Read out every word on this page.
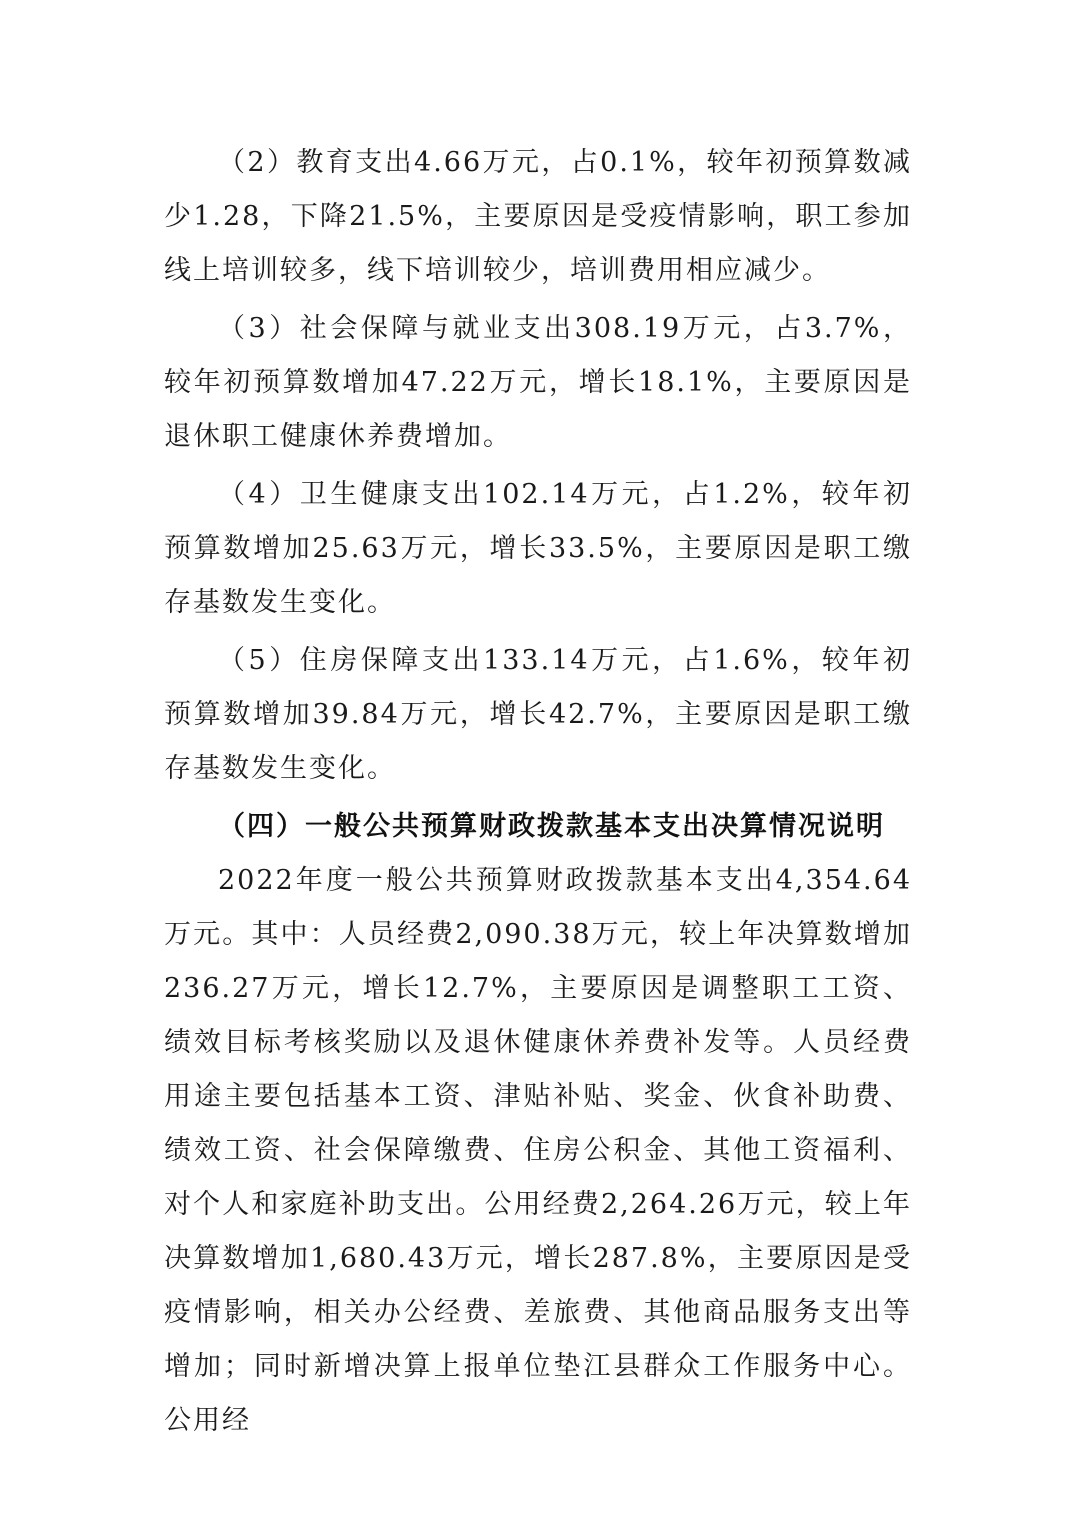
（2）教育支出4.66万元，占0.1%，较年初预算数减少1.28，下降21.5%，主要原因是受疫情影响，职工参加线上培训较多，线下培训较少，培训费用相应减少。

（3）社会保障与就业支出308.19万元，占3.7%，较年初预算数增加47.22万元，增长18.1%，主要原因是退休职工健康休养费增加。

（4）卫生健康支出102.14万元，占1.2%，较年初预算数增加25.63万元，增长33.5%，主要原因是职工缴存基数发生变化。

（5）住房保障支出133.14万元，占1.6%，较年初预算数增加39.84万元，增长42.7%，主要原因是职工缴存基数发生变化。

（四）一般公共预算财政拨款基本支出决算情况说明

2022年度一般公共预算财政拨款基本支出4,354.64万元。其中：人员经费2,090.38万元，较上年决算数增加236.27万元，增长12.7%，主要原因是调整职工工资、绩效目标考核奖励以及退休健康休养费补发等。人员经费用途主要包括基本工资、津贴补贴、奖金、伙食补助费、绩效工资、社会保障缴费、住房公积金、其他工资福利、对个人和家庭补助支出。公用经费2,264.26万元，较上年决算数增加1,680.43万元，增长287.8%，主要原因是受疫情影响，相关办公经费、差旅费、其他商品服务支出等增加；同时新增决算上报单位垫江县群众工作服务中心。公用经
